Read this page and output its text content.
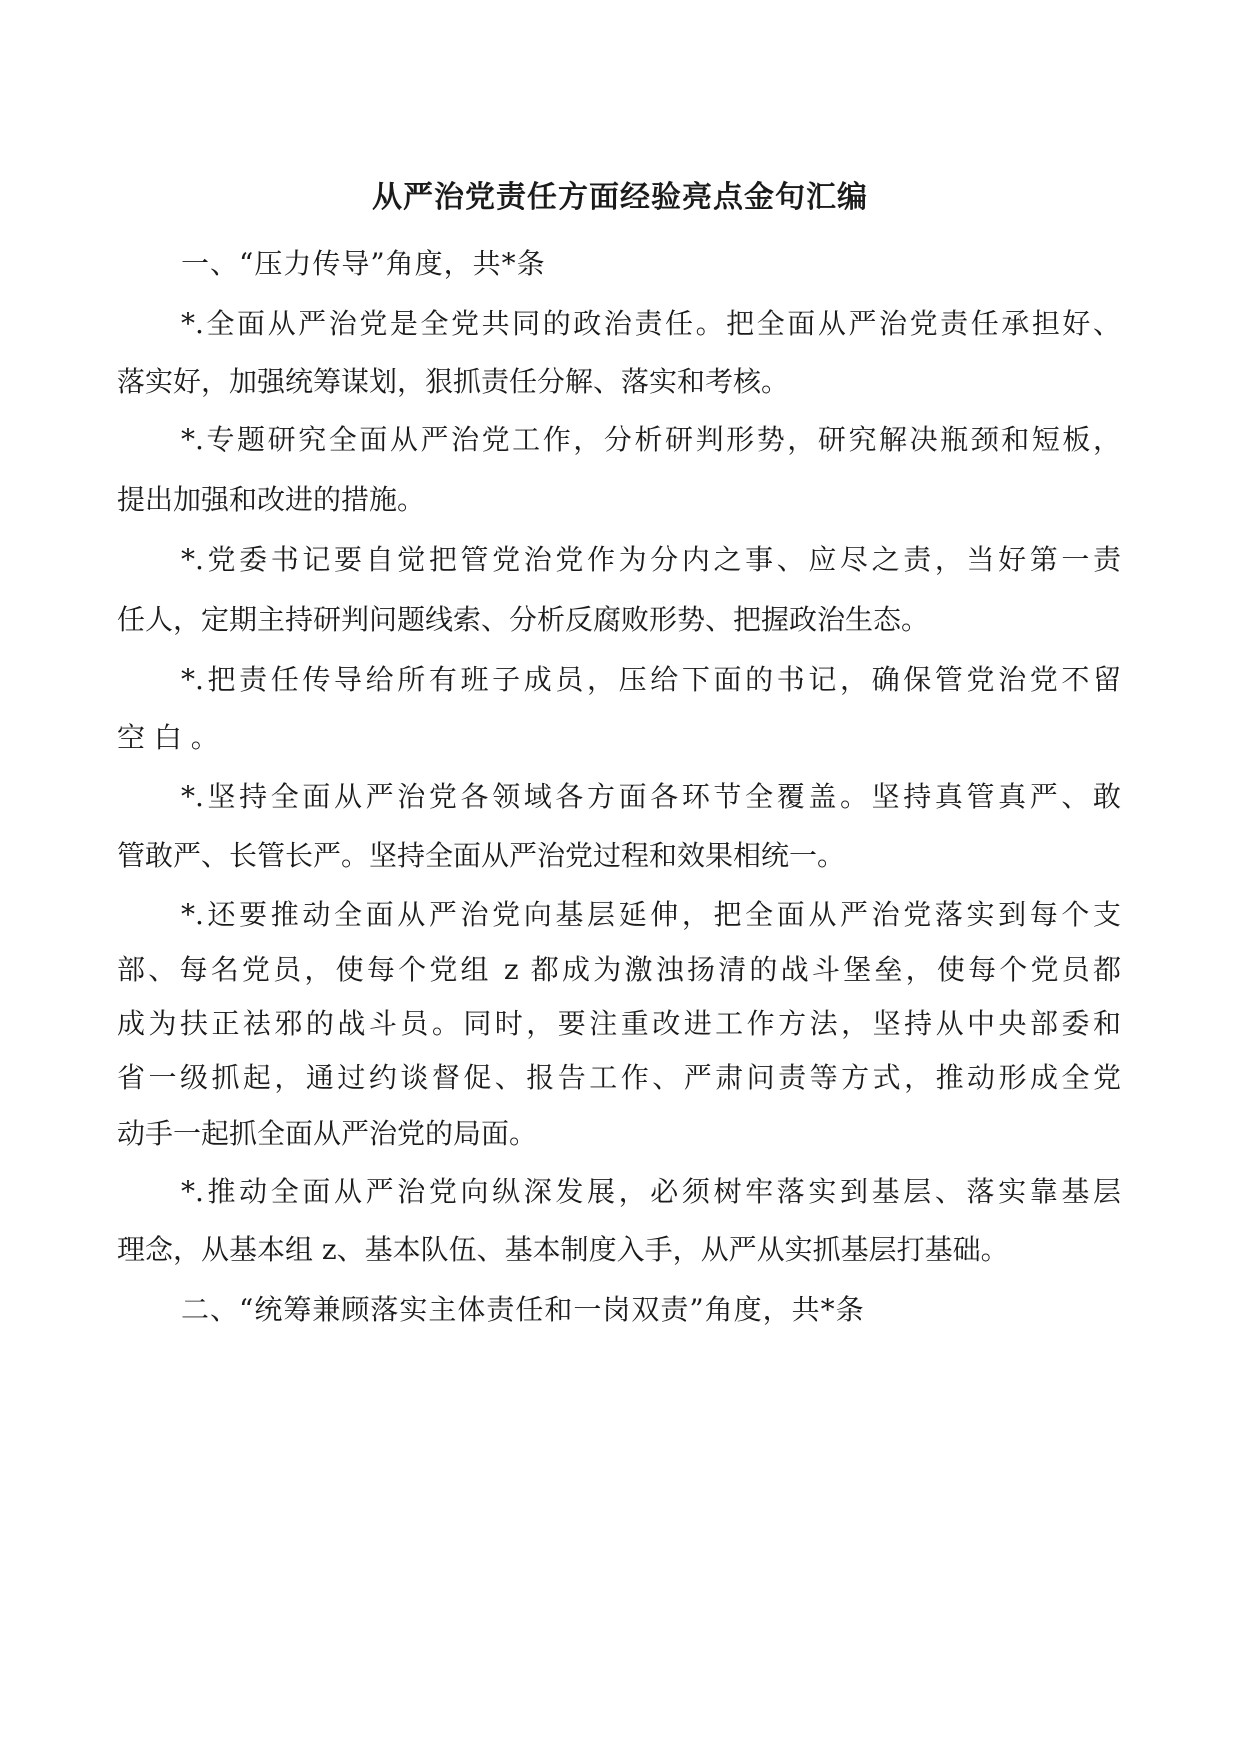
从严治党责任方面经验亮点金句汇编
一、“压力传导”角度，共*条
*.全面从严治党是全党共同的政治责任。把全面从严治党责任承担好、
落实好，加强统筹谋划，狠抓责任分解、落实和考核。
*.专题研究全面从严治党工作，分析研判形势，研究解决瓶颈和短板，
提出加强和改进的措施。
*.党委书记要自觉把管党治党作为分内之事、应尽之责，当好第一责
任人，定期主持研判问题线索、分析反腐败形势、把握政治生态。
*.把责任传导给所有班子成员，压给下面的书记，确保管党治党不留
空 白 。
*.坚持全面从严治党各领域各方面各环节全覆盖。坚持真管真严、敢
管敢严、长管长严。坚持全面从严治党过程和效果相统一。
*.还要推动全面从严治党向基层延伸，把全面从严治党落实到每个支
部、每名党员，使每个党组 z 都成为激浊扬清的战斗堡垒，使每个党员都
成为扶正祛邪的战斗员。同时，要注重改进工作方法，坚持从中央部委和
省一级抓起，通过约谈督促、报告工作、严肃问责等方式，推动形成全党
动手一起抓全面从严治党的局面。
*.推动全面从严治党向纵深发展，必须树牢落实到基层、落实靠基层
理念，从基本组 z、基本队伍、基本制度入手，从严从实抓基层打基础。
二、“统筹兼顾落实主体责任和一岗双责”角度，共*条
